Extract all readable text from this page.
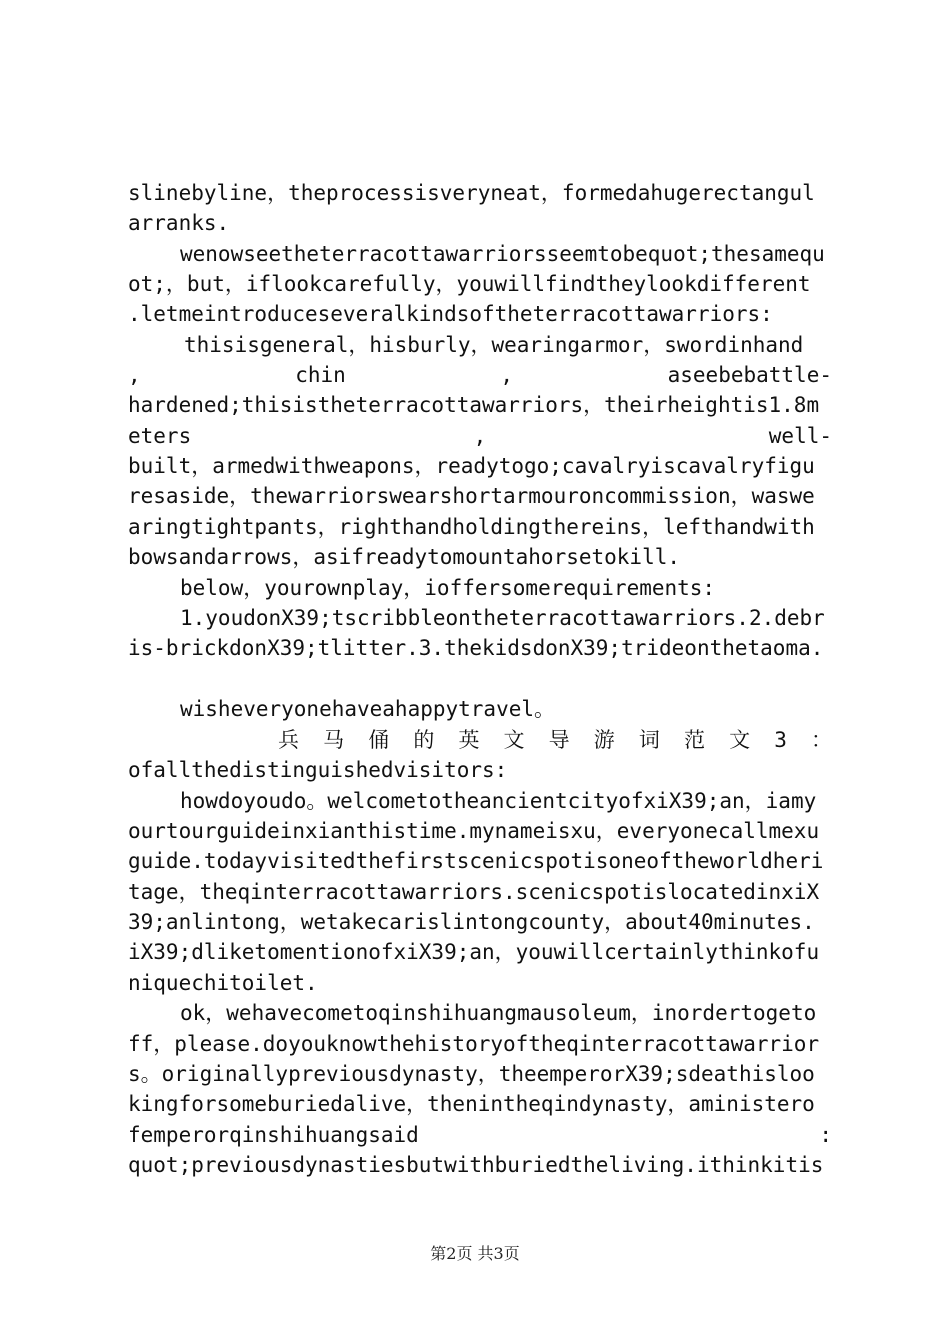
slinebyline，theprocessisveryneat，formedahugerectangul
arranks.
wenowseetheterracottawarriorsseemtobequot;thesamequ
ot;，but，iflookcarefully，youwillfindtheylookdifferent
.letmeintroduceseveralkindsoftheterracottawarriors:
thisisgeneral，hisburly，wearingarmor，swordinhand
,	chin	,	aseebebattle-
hardened;thisistheterracottawarriors，theirheightis1.8m
eters	,	well-
built，armedwithweapons，readytogo;cavalryiscavalryfigu
resaside，thewarriorswearshortarmouroncommission，waswe
aringtightpants，righthandholdingthereins，lefthandwith
bowsandarrows，asifreadytomountahorsetokill.
below，yourownplay，ioffersomerequirements:
1.youdonX39;tscribbleontheterracottawarriors.2.debr
is-brickdonX39;tlitter.3.thekidsdonX39;trideonthetaoma.
wisheveryonehaveahappytravel。
兵 马 俑 的 英 文 导 游 词 范 文 3 ：
ofallthedistinguishedvisitors:
howdoyoudo。welcometotheancientcityofxiX39;an，iamy
ourtourguideinxianthistime.mynameisxu，everyonecallmexu
guide.todayvisitedthefirstscenicspotisoneoftheworldheri
tage，theqinterracottawarriors.scenicspotislocatedinxiX
39;anlintong，wetakecarislintongcounty，about40minutes.
iX39;dliketomentionofxiX39;an，youwillcertainlythinkofu
niquechitoilet.
ok，wehavecometoqinshihuangmausoleum，inordertogeto
ff，please.doyouknowthehistoryoftheqinterracottawarrior
s。originallypreviousdynasty，theemperorX39;sdeathisloo
kingforsomeburiedalive，thenintheqindynasty，aministero
femperorqinshihuangsaid	:
quot;previousdynastiesbutwithburiedtheliving.ithinkitis
第2页 共3页
